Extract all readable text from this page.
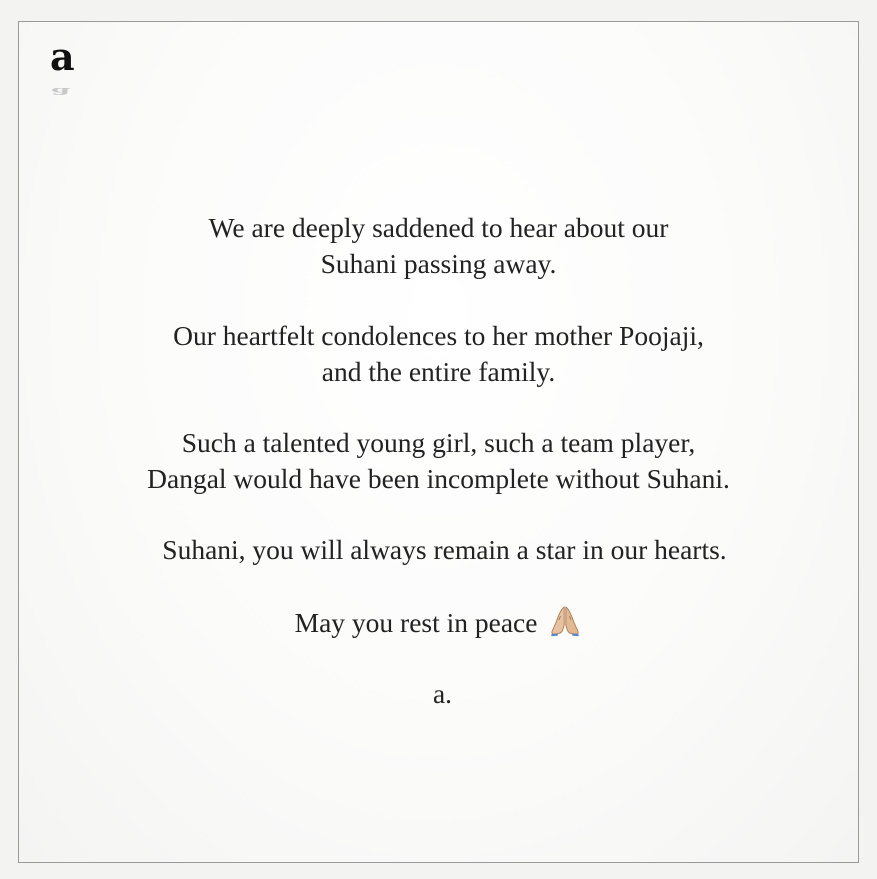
a
a
We are deeply saddened to hear about our
Suhani passing away.
Our heartfelt condolences to her mother Poojaji,
and the entire family.
Such a talented young girl, such a team player,
Dangal would have been incomplete without Suhani.
Suhani, you will always remain a star in our hearts.
May you rest in peace
a.
